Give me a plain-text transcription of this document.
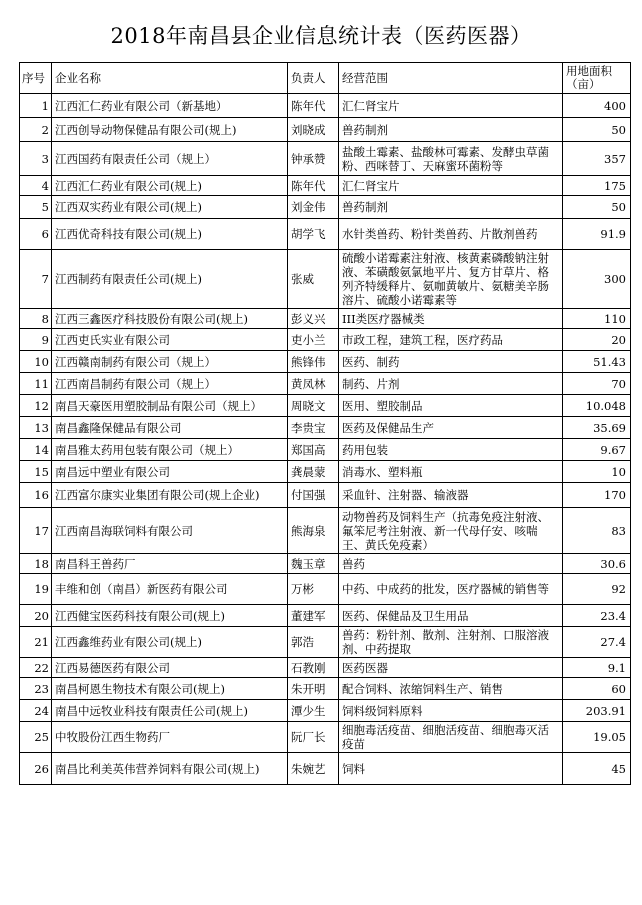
2018年南昌县企业信息统计表（医药医器）
序号	企业名称	负责人	经营范围	用地面积（亩）
1	江西汇仁药业有限公司（新基地）	陈年代	汇仁肾宝片	400
2	江西创导动物保健品有限公司(规上)	刘晓成	兽药制剂	50
3	江西国药有限责任公司（规上）	钟承赞	盐酸土霉素、盐酸林可霉素、发酵虫草菌粉、西咪替丁、天麻蜜环菌粉等	357
4	江西汇仁药业有限公司(规上)	陈年代	汇仁肾宝片	175
5	江西双实药业有限公司(规上)	刘金伟	兽药制剂	50
6	江西优奇科技有限公司(规上)	胡学飞	水针类兽药、粉针类兽药、片散剂兽药	91.9
7	江西制药有限责任公司(规上)	张威	硫酸小诺霉素注射液、核黄素磷酸钠注射液、苯磺酸氨氯地平片、复方甘草片、格列齐特缓释片、氨咖黄敏片、氨糖美辛肠溶片、硫酸小诺霉素等	300
8	江西三鑫医疗科技股份有限公司(规上)	彭义兴	III类医疗器械类	110
9	江西吏氏实业有限公司	吏小兰	市政工程，建筑工程，医疗药品	20
10	江西赣南制药有限公司（规上）	熊锋伟	医药、制药	51.43
11	江西南昌制药有限公司（规上）	黄凤林	制药、片剂	70
12	南昌天豪医用塑胶制品有限公司（规上）	周晓文	医用、塑胶制品	10.048
13	南昌鑫隆保健品有限公司	李贵宝	医药及保健品生产	35.69
14	南昌雅太药用包装有限公司（规上）	郑国高	药用包装	9.67
15	南昌远中塑业有限公司	龚晨蒙	消毒水、塑料瓶	10
16	江西富尔康实业集团有限公司(规上企业)	付国强	采血针、注射器、输液器	170
17	江西南昌海联饲料有限公司	熊海泉	动物兽药及饲料生产（抗毒免疫注射液、氟笨尼考注射液、新一代母仔安、咳喘王、黄氏免疫素）	83
18	南昌科王兽药厂	魏玉章	兽药	30.6
19	丰维和创（南昌）新医药有限公司	万彬	中药、中成药的批发，医疗器械的销售等	92
20	江西健宝医药科技有限公司(规上)	董建军	医药、保健品及卫生用品	23.4
21	江西鑫维药业有限公司(规上)	郭浩	兽药：粉针剂、散剂、注射剂、口服溶液剂、中药提取	27.4
22	江西易德医药有限公司	石教刚	医药医器	9.1
23	南昌柯恩生物技术有限公司(规上)	朱开明	配合饲料、浓缩饲料生产、销售	60
24	南昌中远牧业科技有限责任公司(规上)	潭少生	饲料级饲料原料	203.91
25	中牧股份江西生物药厂	阮厂长	细胞毒活疫苗、细胞活疫苗、细胞毒灭活疫苗	19.05
26	南昌比利美英伟营养饲料有限公司(规上)	朱婉艺	饲料	45
